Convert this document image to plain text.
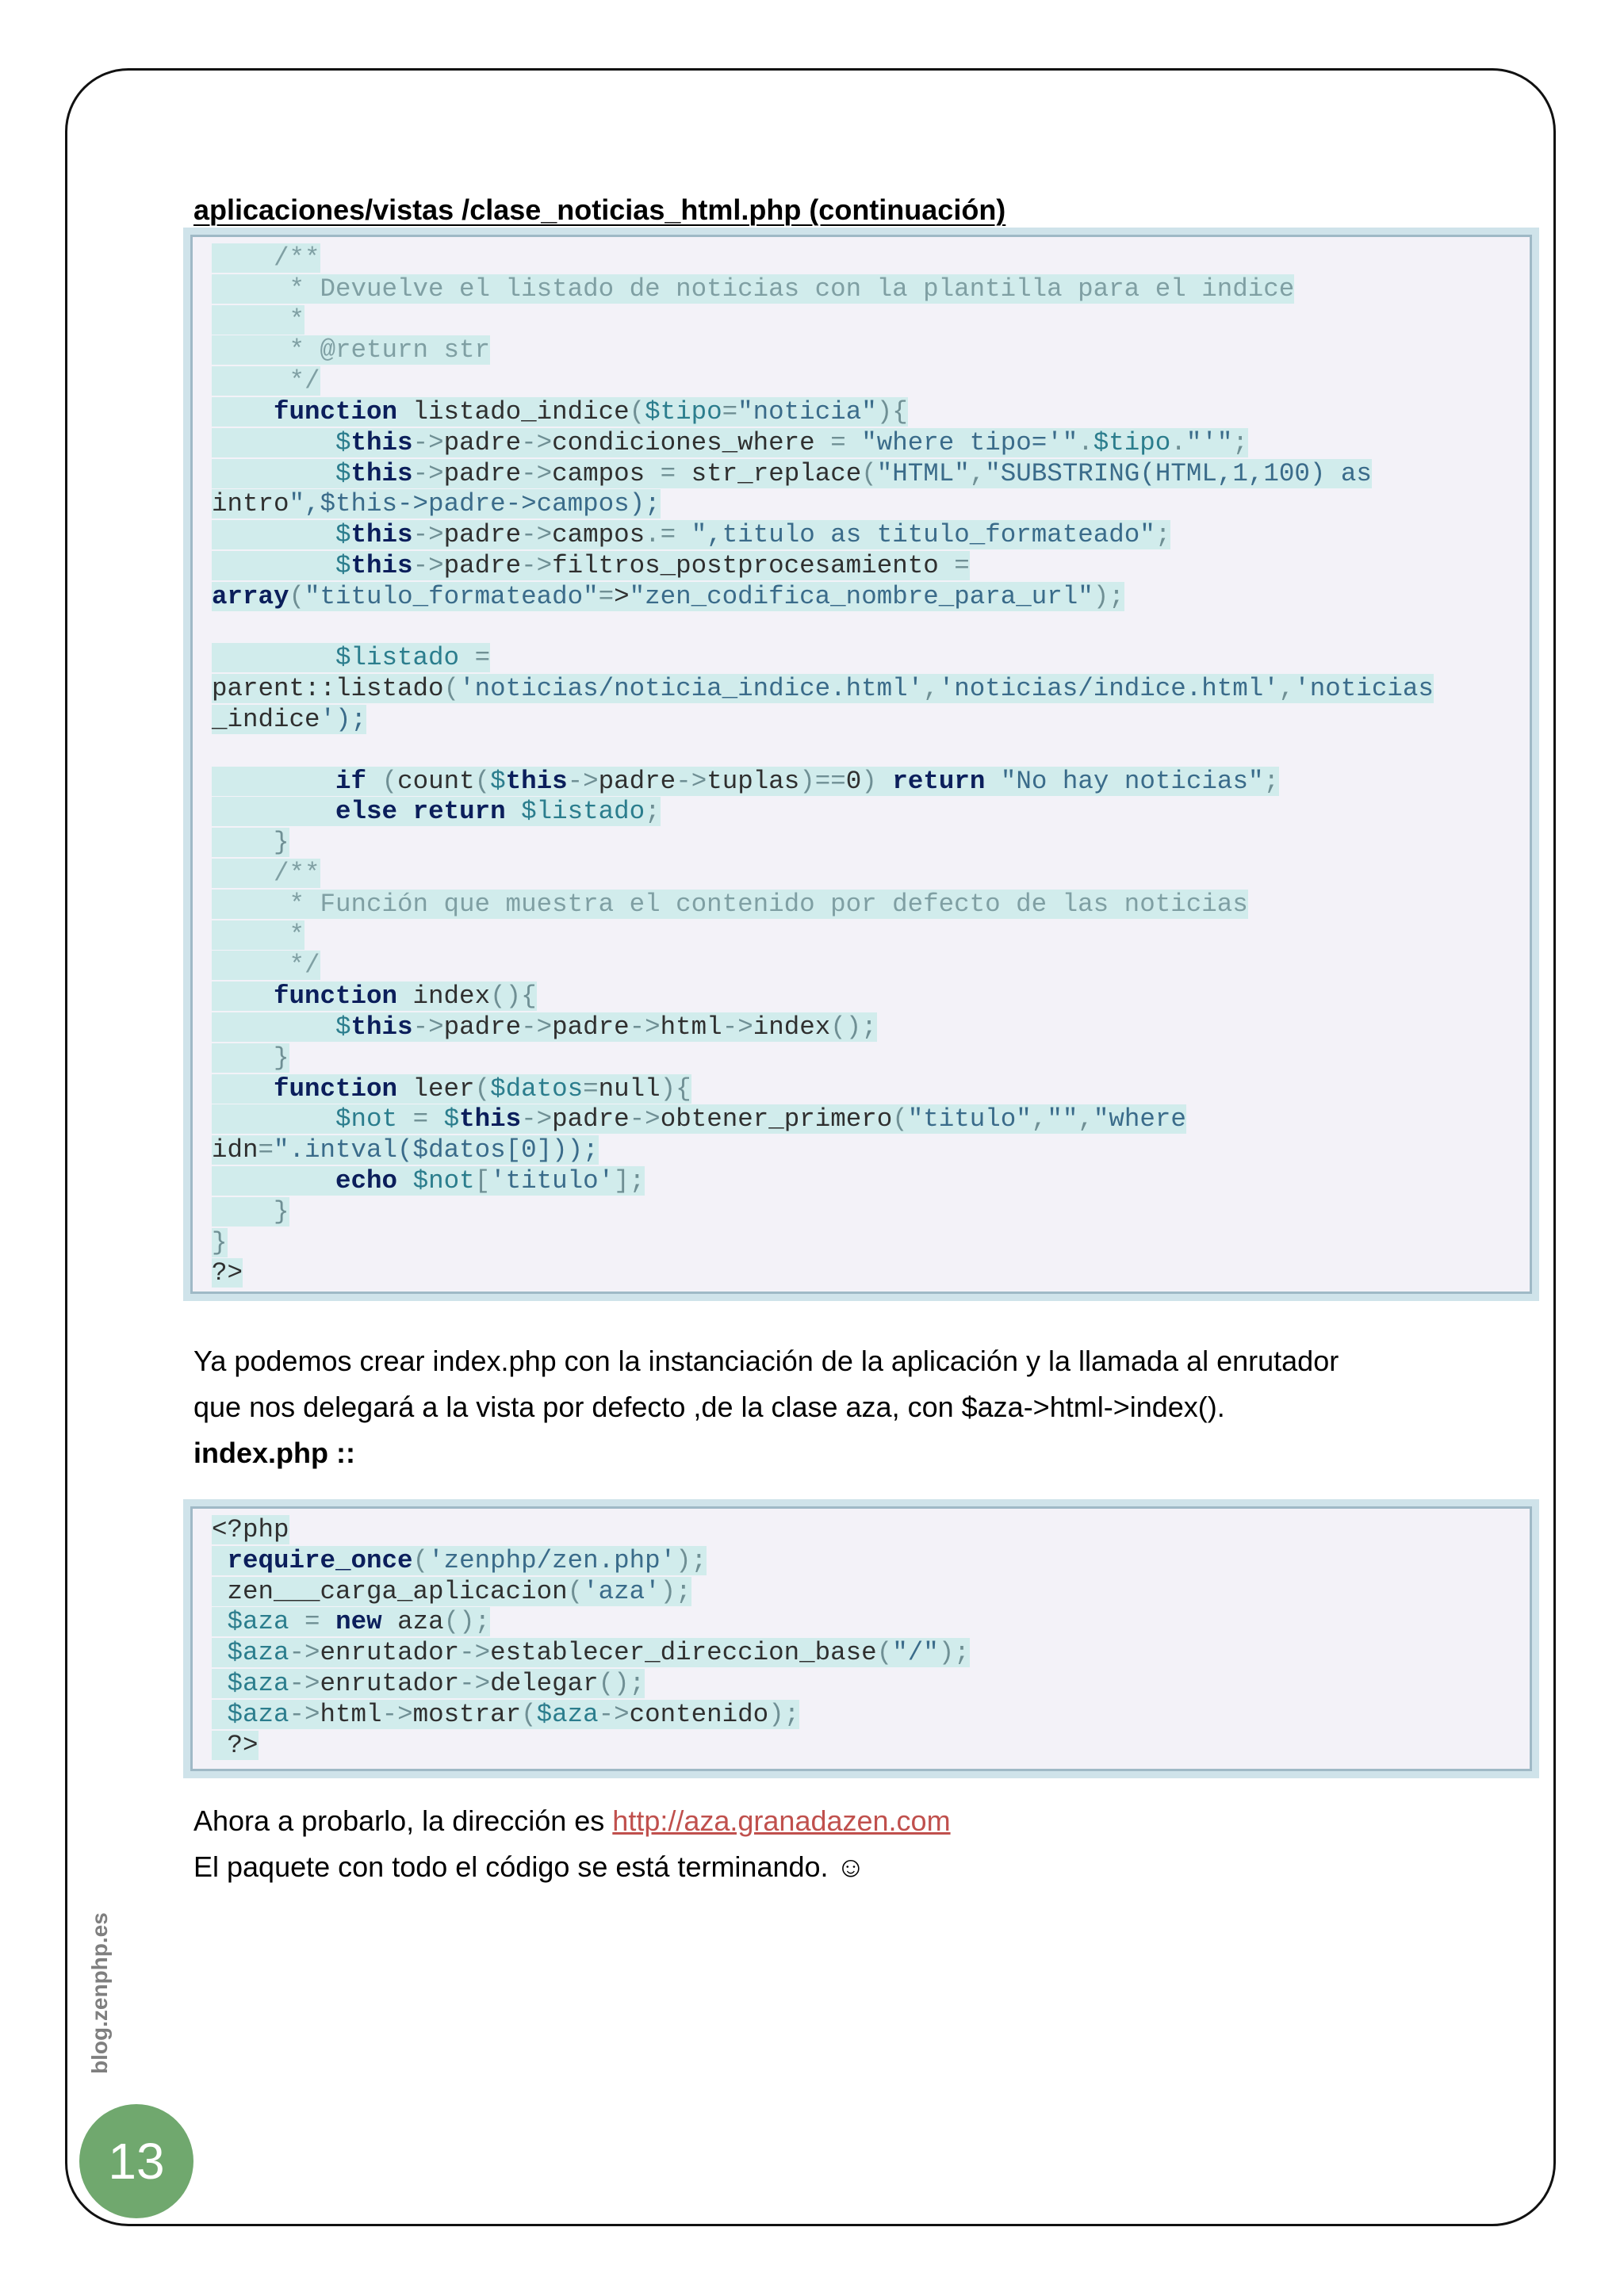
aplicaciones/vistas /clase_noticias_html.php (continuación)
/**
* Devuelve el listado de noticias con la plantilla para el indice
*
* @return str
*/
function listado_indice($tipo="noticia"){
$this->padre->condiciones_where = "where tipo='".$tipo."'";
$this->padre->campos = str_replace("HTML","SUBSTRING(HTML,1,100) as
intro",$this->padre->campos);
$this->padre->campos.= ",titulo as titulo_formateado";
$this->padre->filtros_postprocesamiento =
array("titulo_formateado"=>"zen_codifica_nombre_para_url");
$listado =
parent::listado('noticias/noticia_indice.html','noticias/indice.html','noticias
_indice');
if (count($this->padre->tuplas)==0) return "No hay noticias";
else return $listado;
}
/**
* Función que muestra el contenido por defecto de las noticias
*
*/
function index(){
$this->padre->padre->html->index();
}
function leer($datos=null){
$not = $this->padre->obtener_primero("titulo","","where
idn=".intval($datos[0]));
echo $not['titulo'];
}
}
?>
Ya podemos crear index.php con la instanciación de la aplicación y la llamada al enrutador
que nos delegará a la vista por defecto ,de la clase aza, con $aza->html->index().
index.php ::
<?php
require_once('zenphp/zen.php');
zen___carga_aplicacion('aza');
$aza = new aza();
$aza->enrutador->establecer_direccion_base("/");
$aza->enrutador->delegar();
$aza->html->mostrar($aza->contenido);
?>
Ahora a probarlo, la dirección es http://aza.granadazen.com
El paquete con todo el código se está terminando. ☺
blog.zenphp.es
13
